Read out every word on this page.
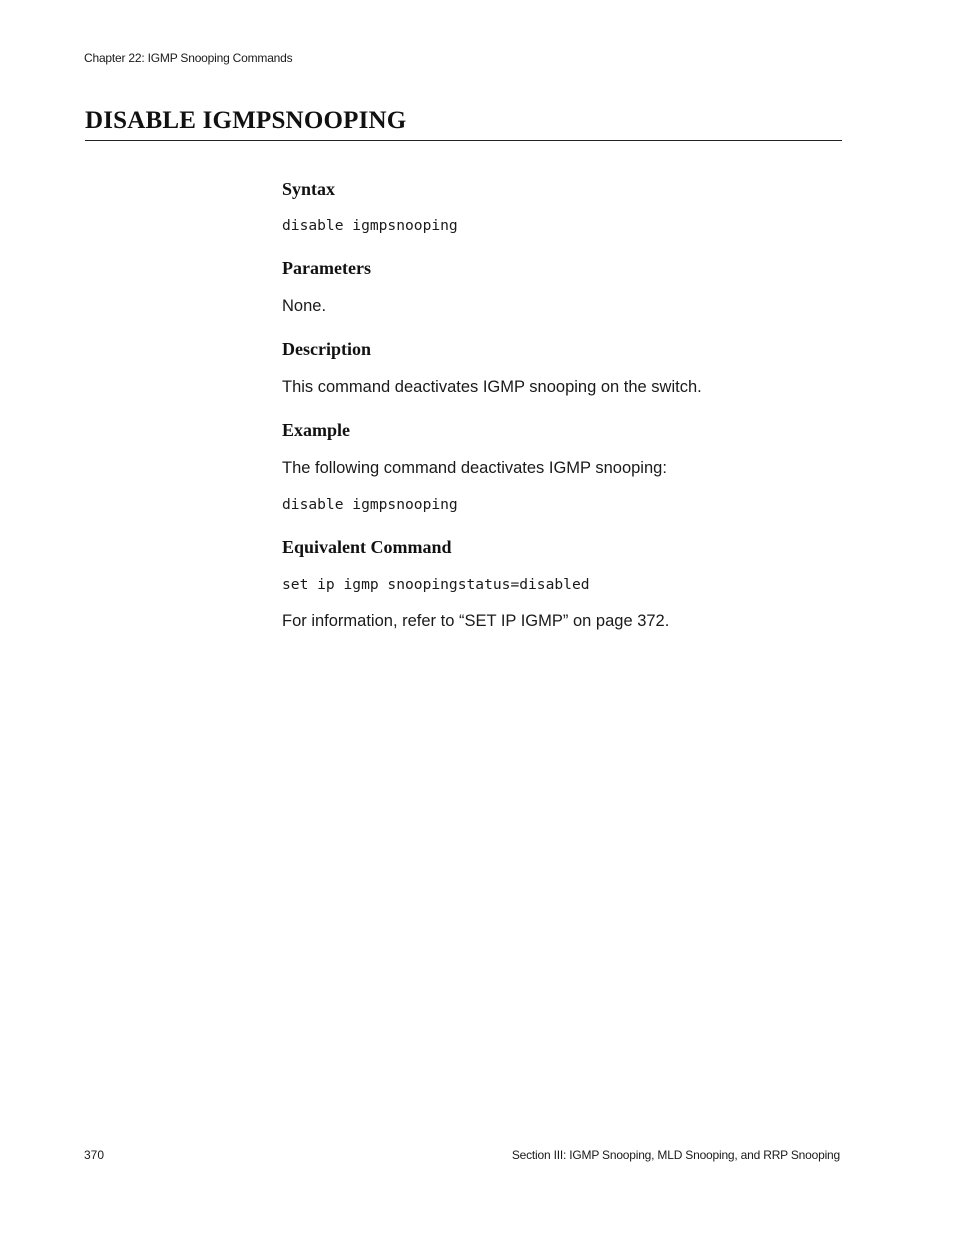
Chapter 22: IGMP Snooping Commands
DISABLE IGMPSNOOPING
Syntax
disable igmpsnooping
Parameters

None.

Description

This command deactivates IGMP snooping on the switch.

Example

The following command deactivates IGMP snooping:

disable igmpsnooping
Equivalent Command
set ip igmp snoopingstatus=disabled

For information, refer to “SET IP IGMP” on page 372.

370	Section III: IGMP Snooping, MLD Snooping, and RRP Snooping
